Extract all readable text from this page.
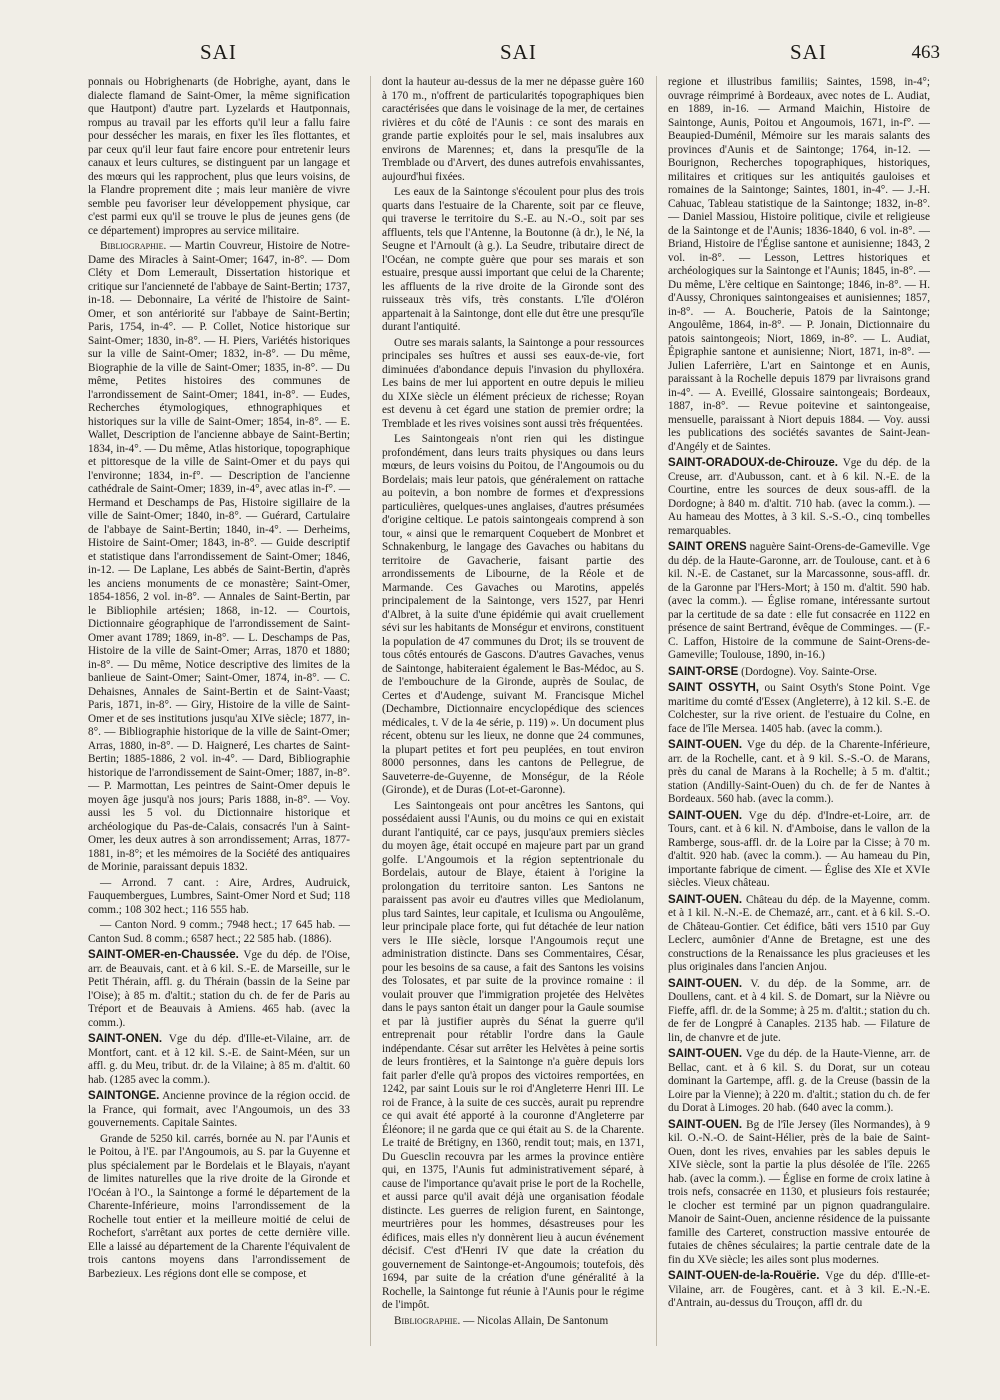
SAI	SAI	SAI	463

ponnais ou Hobrighenarts (de Hobrighe, ayant, dans le dialecte flamand de Saint-Omer, la même signification que Hautpont) d'autre part. Lyzelards et Hautponnais, rompus au travail par les efforts qu'il leur a fallu faire pour dessécher les marais, en fixer les îles flottantes, et par ceux qu'il leur faut faire encore pour entretenir leurs canaux et leurs cultures, se distinguent par un langage et des mœurs qui les rapprochent, plus que leurs voisins, de la Flandre proprement dite ; mais leur manière de vivre semble peu favoriser leur développement physique, car c'est parmi eux qu'il se trouve le plus de jeunes gens (de ce département) impropres au service militaire.

Bibliographie. — Martin Couvreur, Histoire de Notre-Dame des Miracles à Saint-Omer; 1647, in-8°. — Dom Cléty et Dom Lemerault, Dissertation historique et critique sur l'ancienneté de l'abbaye de Saint-Bertin; 1737, in-18. — Debonnaire, La vérité de l'histoire de Saint-Omer, et son antériorité sur l'abbaye de Saint-Bertin; Paris, 1754, in-4°. — P. Collet, Notice historique sur Saint-Omer; 1830, in-8°. — H. Piers, Variétés historiques sur la ville de Saint-Omer; 1832, in-8°. — Du même, Biographie de la ville de Saint-Omer; 1835, in-8°. — Du même, Petites histoires des communes de l'arrondissement de Saint-Omer; 1841, in-8°. — Eudes, Recherches étymologiques, ethnographiques et historiques sur la ville de Saint-Omer; 1854, in-8°. — E. Wallet, Description de l'ancienne abbaye de Saint-Bertin; 1834, in-4°. — Du même, Atlas historique, topographique et pittoresque de la ville de Saint-Omer et du pays qui l'environne; 1834, in-f°. — Description de l'ancienne cathédrale de Saint-Omer; 1839, in-4°, avec atlas in-f°. — Hermand et Deschamps de Pas, Histoire sigillaire de la ville de Saint-Omer; 1840, in-8°. — Guérard, Cartulaire de l'abbaye de Saint-Bertin; 1840, in-4°. — Derheims, Histoire de Saint-Omer; 1843, in-8°. — Guide descriptif et statistique dans l'arrondissement de Saint-Omer; 1846, in-12. — De Laplane, Les abbés de Saint-Bertin, d'après les anciens monuments de ce monastère; Saint-Omer, 1854-1856, 2 vol. in-8°. — Annales de Saint-Bertin, par le Bibliophile artésien; 1868, in-12. — Courtois, Dictionnaire géographique de l'arrondissement de Saint-Omer avant 1789; 1869, in-8°. — L. Deschamps de Pas, Histoire de la ville de Saint-Omer; Arras, 1870 et 1880; in-8°. — Du même, Notice descriptive des limites de la banlieue de Saint-Omer; Saint-Omer, 1874, in-8°. — C. Dehaisnes, Annales de Saint-Bertin et de Saint-Vaast; Paris, 1871, in-8°. — Giry, Histoire de la ville de Saint-Omer et de ses institutions jusqu'au XIVe siècle; 1877, in-8°. — Bibliographie historique de la ville de Saint-Omer; Arras, 1880, in-8°. — D. Haigneré, Les chartes de Saint-Bertin; 1885-1886, 2 vol. in-4°. — Dard, Bibliographie historique de l'arrondissement de Saint-Omer; 1887, in-8°. — P. Marmottan, Les peintres de Saint-Omer depuis le moyen âge jusqu'à nos jours; Paris 1888, in-8°. — Voy. aussi les 5 vol. du Dictionnaire historique et archéologique du Pas-de-Calais, consacrés l'un à Saint-Omer, les deux autres à son arrondissement; Arras, 1877-1881, in-8°; et les mémoires de la Société des antiquaires de Morinie, paraissant depuis 1832.

— Arrond. 7 cant. : Aire, Ardres, Audruick, Fauquembergues, Lumbres, Saint-Omer Nord et Sud; 118 comm.; 108 302 hect.; 116 555 hab.

— Canton Nord. 9 comm.; 7948 hect.; 17 645 hab. — Canton Sud. 8 comm.; 6587 hect.; 22 585 hab. (1886).

SAINT-OMER-en-Chaussée. Vge du dép. de l'Oise, arr. de Beauvais, cant. et à 6 kil. S.-E. de Marseille, sur le Petit Thérain, affl. g. du Thérain (bassin de la Seine par l'Oise); à 85 m. d'altit.; station du ch. de fer de Paris au Tréport et de Beauvais à Amiens. 465 hab. (avec la comm.).

SAINT-ONEN. Vge du dép. d'Ille-et-Vilaine, arr. de Montfort, cant. et à 12 kil. S.-E. de Saint-Méen, sur un affl. g. du Meu, tribut. dr. de la Vilaine; à 85 m. d'altit. 60 hab. (1285 avec la comm.).

SAINTONGE. Ancienne province de la région occid. de la France, qui formait, avec l'Angoumois, un des 33 gouvernements. Capitale Saintes.

Grande de 5250 kil. carrés, bornée au N. par l'Aunis et le Poitou, à l'E. par l'Angoumois, au S. par la Guyenne et plus spécialement par le Bordelais et le Blayais, n'ayant de limites naturelles que la rive droite de la Gironde et l'Océan à l'O., la Saintonge a formé le département de la Charente-Inférieure, moins l'arrondissement de la Rochelle tout entier et la meilleure moitié de celui de Rochefort, s'arrêtant aux portes de cette dernière ville. Elle a laissé au département de la Charente l'équivalent de trois cantons moyens dans l'arrondissement de Barbezieux. Les régions dont elle se compose, et

dont la hauteur au-dessus de la mer ne dépasse guère 160 à 170 m., n'offrent de particularités topographiques bien caractérisées que dans le voisinage de la mer, de certaines rivières et du côté de l'Aunis : ce sont des marais en grande partie exploités pour le sel, mais insalubres aux environs de Marennes; et, dans la presqu'île de la Tremblade ou d'Arvert, des dunes autrefois envahissantes, aujourd'hui fixées.

Les eaux de la Saintonge s'écoulent pour plus des trois quarts dans l'estuaire de la Charente, soit par ce fleuve, qui traverse le territoire du S.-E. au N.-O., soit par ses affluents, tels que l'Antenne, la Boutonne (à dr.), le Né, la Seugne et l'Arnoult (à g.). La Seudre, tributaire direct de l'Océan, ne compte guère que pour ses marais et son estuaire, presque aussi important que celui de la Charente; les affluents de la rive droite de la Gironde sont des ruisseaux très vifs, très constants. L'île d'Oléron appartenait à la Saintonge, dont elle dut être une presqu'île durant l'antiquité.

Outre ses marais salants, la Saintonge a pour ressources principales ses huîtres et aussi ses eaux-de-vie, fort diminuées d'abondance depuis l'invasion du phylloxéra. Les bains de mer lui apportent en outre depuis le milieu du XIXe siècle un élément précieux de richesse; Royan est devenu à cet égard une station de premier ordre; la Tremblade et les rives voisines sont aussi très fréquentées.

Les Saintongeais n'ont rien qui les distingue profondément, dans leurs traits physiques ou dans leurs mœurs, de leurs voisins du Poitou, de l'Angoumois ou du Bordelais; mais leur patois, que généralement on rattache au poitevin, a bon nombre de formes et d'expressions particulières, quelques-unes anglaises, d'autres présumées d'origine celtique. Le patois saintongeais comprend à son tour, « ainsi que le remarquent Coquebert de Monbret et Schnakenburg, le langage des Gavaches ou habitans du territoire de Gavacherie, faisant partie des arrondissements de Libourne, de la Réole et de Marmande. Ces Gavaches ou Marotins, appelés principalement de la Saintonge, vers 1527, par Henri d'Albret, à la suite d'une épidémie qui avait cruellement sévi sur les habitants de Monségur et environs, constituent la population de 47 communes du Drot; ils se trouvent de tous côtés entourés de Gascons. D'autres Gavaches, venus de Saintonge, habiteraient également le Bas-Médoc, au S. de l'embouchure de la Gironde, auprès de Soulac, de Certes et d'Audenge, suivant M. Francisque Michel (Dechambre, Dictionnaire encyclopédique des sciences médicales, t. V de la 4e série, p. 119) ». Un document plus récent, obtenu sur les lieux, ne donne que 24 communes, la plupart petites et fort peu peuplées, en tout environ 8000 personnes, dans les cantons de Pellegrue, de Sauveterre-de-Guyenne, de Monségur, de la Réole (Gironde), et de Duras (Lot-et-Garonne).

Les Saintongeais ont pour ancêtres les Santons, qui possédaient aussi l'Aunis, ou du moins ce qui en existait durant l'antiquité, car ce pays, jusqu'aux premiers siècles du moyen âge, était occupé en majeure part par un grand golfe. L'Angoumois et la région septentrionale du Bordelais, autour de Blaye, étaient à l'origine la prolongation du territoire santon. Les Santons ne paraissent pas avoir eu d'autres villes que Mediolanum, plus tard Saintes, leur capitale, et Iculisma ou Angoulême, leur principale place forte, qui fut détachée de leur nation vers le IIIe siècle, lorsque l'Angoumois reçut une administration distincte. Dans ses Commentaires, César, pour les besoins de sa cause, a fait des Santons les voisins des Tolosates, et par suite de la province romaine : il voulait prouver que l'immigration projetée des Helvètes dans le pays santon était un danger pour la Gaule soumise et par là justifier auprès du Sénat la guerre qu'il entreprenait pour rétablir l'ordre dans la Gaule indépendante. César sut arrêter les Helvètes à peine sortis de leurs frontières, et la Saintonge n'a guère depuis lors fait parler d'elle qu'à propos des victoires remportées, en 1242, par saint Louis sur le roi d'Angleterre Henri III. Le roi de France, à la suite de ces succès, aurait pu reprendre ce qui avait été apporté à la couronne d'Angleterre par Éléonore; il ne garda que ce qui était au S. de la Charente. Le traité de Brétigny, en 1360, rendit tout; mais, en 1371, Du Guesclin recouvra par les armes la province entière qui, en 1375, l'Aunis fut administrativement séparé, à cause de l'importance qu'avait prise le port de la Rochelle, et aussi parce qu'il avait déjà une organisation féodale distincte. Les guerres de religion furent, en Saintonge, meurtrières pour les hommes, désastreuses pour les édifices, mais elles n'y donnèrent lieu à aucun événement décisif. C'est d'Henri IV que date la création du gouvernement de Saintonge-et-Angoumois; toutefois, dès 1694, par suite de la création d'une généralité à la Rochelle, la Saintonge fut réunie à l'Aunis pour le régime de l'impôt.

Bibliographie. — Nicolas Allain, De Santonum

regione et illustribus familiis; Saintes, 1598, in-4°; ouvrage réimprimé à Bordeaux, avec notes de L. Audiat, en 1889, in-16. — Armand Maichin, Histoire de Saintonge, Aunis, Poitou et Angoumois, 1671, in-f°. — Beaupied-Duménil, Mémoire sur les marais salants des provinces d'Aunis et de Saintonge; 1764, in-12. — Bourignon, Recherches topographiques, historiques, militaires et critiques sur les antiquités gauloises et romaines de la Saintonge; Saintes, 1801, in-4°. — J.-H. Cahuac, Tableau statistique de la Saintonge; 1832, in-8°. — Daniel Massiou, Histoire politique, civile et religieuse de la Saintonge et de l'Aunis; 1836-1840, 6 vol. in-8°. — Briand, Histoire de l'Église santone et aunisienne; 1843, 2 vol. in-8°. — Lesson, Lettres historiques et archéologiques sur la Saintonge et l'Aunis; 1845, in-8°. — Du même, L'ère celtique en Saintonge; 1846, in-8°. — H. d'Aussy, Chroniques saintongeaises et aunisiennes; 1857, in-8°. — A. Boucherie, Patois de la Saintonge; Angoulême, 1864, in-8°. — P. Jonain, Dictionnaire du patois saintongeois; Niort, 1869, in-8°. — L. Audiat, Épigraphie santone et aunisienne; Niort, 1871, in-8°. — Julien Laferrière, L'art en Saintonge et en Aunis, paraissant à la Rochelle depuis 1879 par livraisons grand in-4°. — A. Eveillé, Glossaire saintongeais; Bordeaux, 1887, in-8°. — Revue poitevine et saintongeaise, mensuelle, paraissant à Niort depuis 1884. — Voy. aussi les publications des sociétés savantes de Saint-Jean-d'Angély et de Saintes.

SAINT-ORADOUX-de-Chirouze. Vge du dép. de la Creuse, arr. d'Aubusson, cant. et à 6 kil. N.-E. de la Courtine, entre les sources de deux sous-affl. de la Dordogne; à 840 m. d'altit. 710 hab. (avec la comm.). — Au hameau des Mottes, à 3 kil. S.-S.-O., cinq tombelles remarquables.

SAINT ORENS naguère Saint-Orens-de-Gameville. Vge du dép. de la Haute-Garonne, arr. de Toulouse, cant. et à 6 kil. N.-E. de Castanet, sur la Marcassonne, sous-affl. dr. de la Garonne par l'Hers-Mort; à 150 m. d'altit. 590 hab. (avec la comm.). — Église romane, intéressante surtout par la certitude de sa date : elle fut consacrée en 1122 en présence de saint Bertrand, évêque de Comminges. — (F.-C. Laffon, Histoire de la commune de Saint-Orens-de-Gameville; Toulouse, 1890, in-16.)

SAINT-ORSE (Dordogne). Voy. Sainte-Orse.

SAINT OSSYTH, ou Saint Osyth's Stone Point. Vge maritime du comté d'Essex (Angleterre), à 12 kil. S.-E. de Colchester, sur la rive orient. de l'estuaire du Colne, en face de l'île Mersea. 1405 hab. (avec la comm.).

SAINT-OUEN. Vge du dép. de la Charente-Inférieure, arr. de la Rochelle, cant. et à 9 kil. S.-S.-O. de Marans, près du canal de Marans à la Rochelle; à 5 m. d'altit.; station (Andilly-Saint-Ouen) du ch. de fer de Nantes à Bordeaux. 560 hab. (avec la comm.).

SAINT-OUEN. Vge du dép. d'Indre-et-Loire, arr. de Tours, cant. et à 6 kil. N. d'Amboise, dans le vallon de la Ramberge, sous-affl. dr. de la Loire par la Cisse; à 70 m. d'altit. 920 hab. (avec la comm.). — Au hameau du Pin, importante fabrique de ciment. — Église des XIe et XVIe siècles. Vieux château.

SAINT-OUEN. Château du dép. de la Mayenne, comm. et à 1 kil. N.-N.-E. de Chemazé, arr., cant. et à 6 kil. S.-O. de Château-Gontier. Cet édifice, bâti vers 1510 par Guy Leclerc, aumônier d'Anne de Bretagne, est une des constructions de la Renaissance les plus gracieuses et les plus originales dans l'ancien Anjou.

SAINT-OUEN. V. du dép. de la Somme, arr. de Doullens, cant. et à 4 kil. S. de Domart, sur la Nièvre ou Fieffe, affl. dr. de la Somme; à 25 m. d'altit.; station du ch. de fer de Longpré à Canaples. 2135 hab. — Filature de lin, de chanvre et de jute.

SAINT-OUEN. Vge du dép. de la Haute-Vienne, arr. de Bellac, cant. et à 6 kil. S. du Dorat, sur un coteau dominant la Gartempe, affl. g. de la Creuse (bassin de la Loire par la Vienne); à 220 m. d'altit.; station du ch. de fer du Dorat à Limoges. 20 hab. (640 avec la comm.).

SAINT-OUEN. Bg de l'île Jersey (îles Normandes), à 9 kil. O.-N.-O. de Saint-Hélier, près de la baie de Saint-Ouen, dont les rives, envahies par les sables depuis le XIVe siècle, sont la partie la plus désolée de l'île. 2265 hab. (avec la comm.). — Église en forme de croix latine à trois nefs, consacrée en 1130, et plusieurs fois restaurée; le clocher est terminé par un pignon quadrangulaire. Manoir de Saint-Ouen, ancienne résidence de la puissante famille des Carteret, construction massive entourée de futaies de chênes séculaires; la partie centrale date de la fin du XVe siècle; les ailes sont plus modernes.

SAINT-OUEN-de-la-Rouërie. Vge du dép. d'Ille-et-Vilaine, arr. de Fougères, cant. et à 3 kil. E.-N.-E. d'Antrain, au-dessus du Trouçon, affl dr. du
